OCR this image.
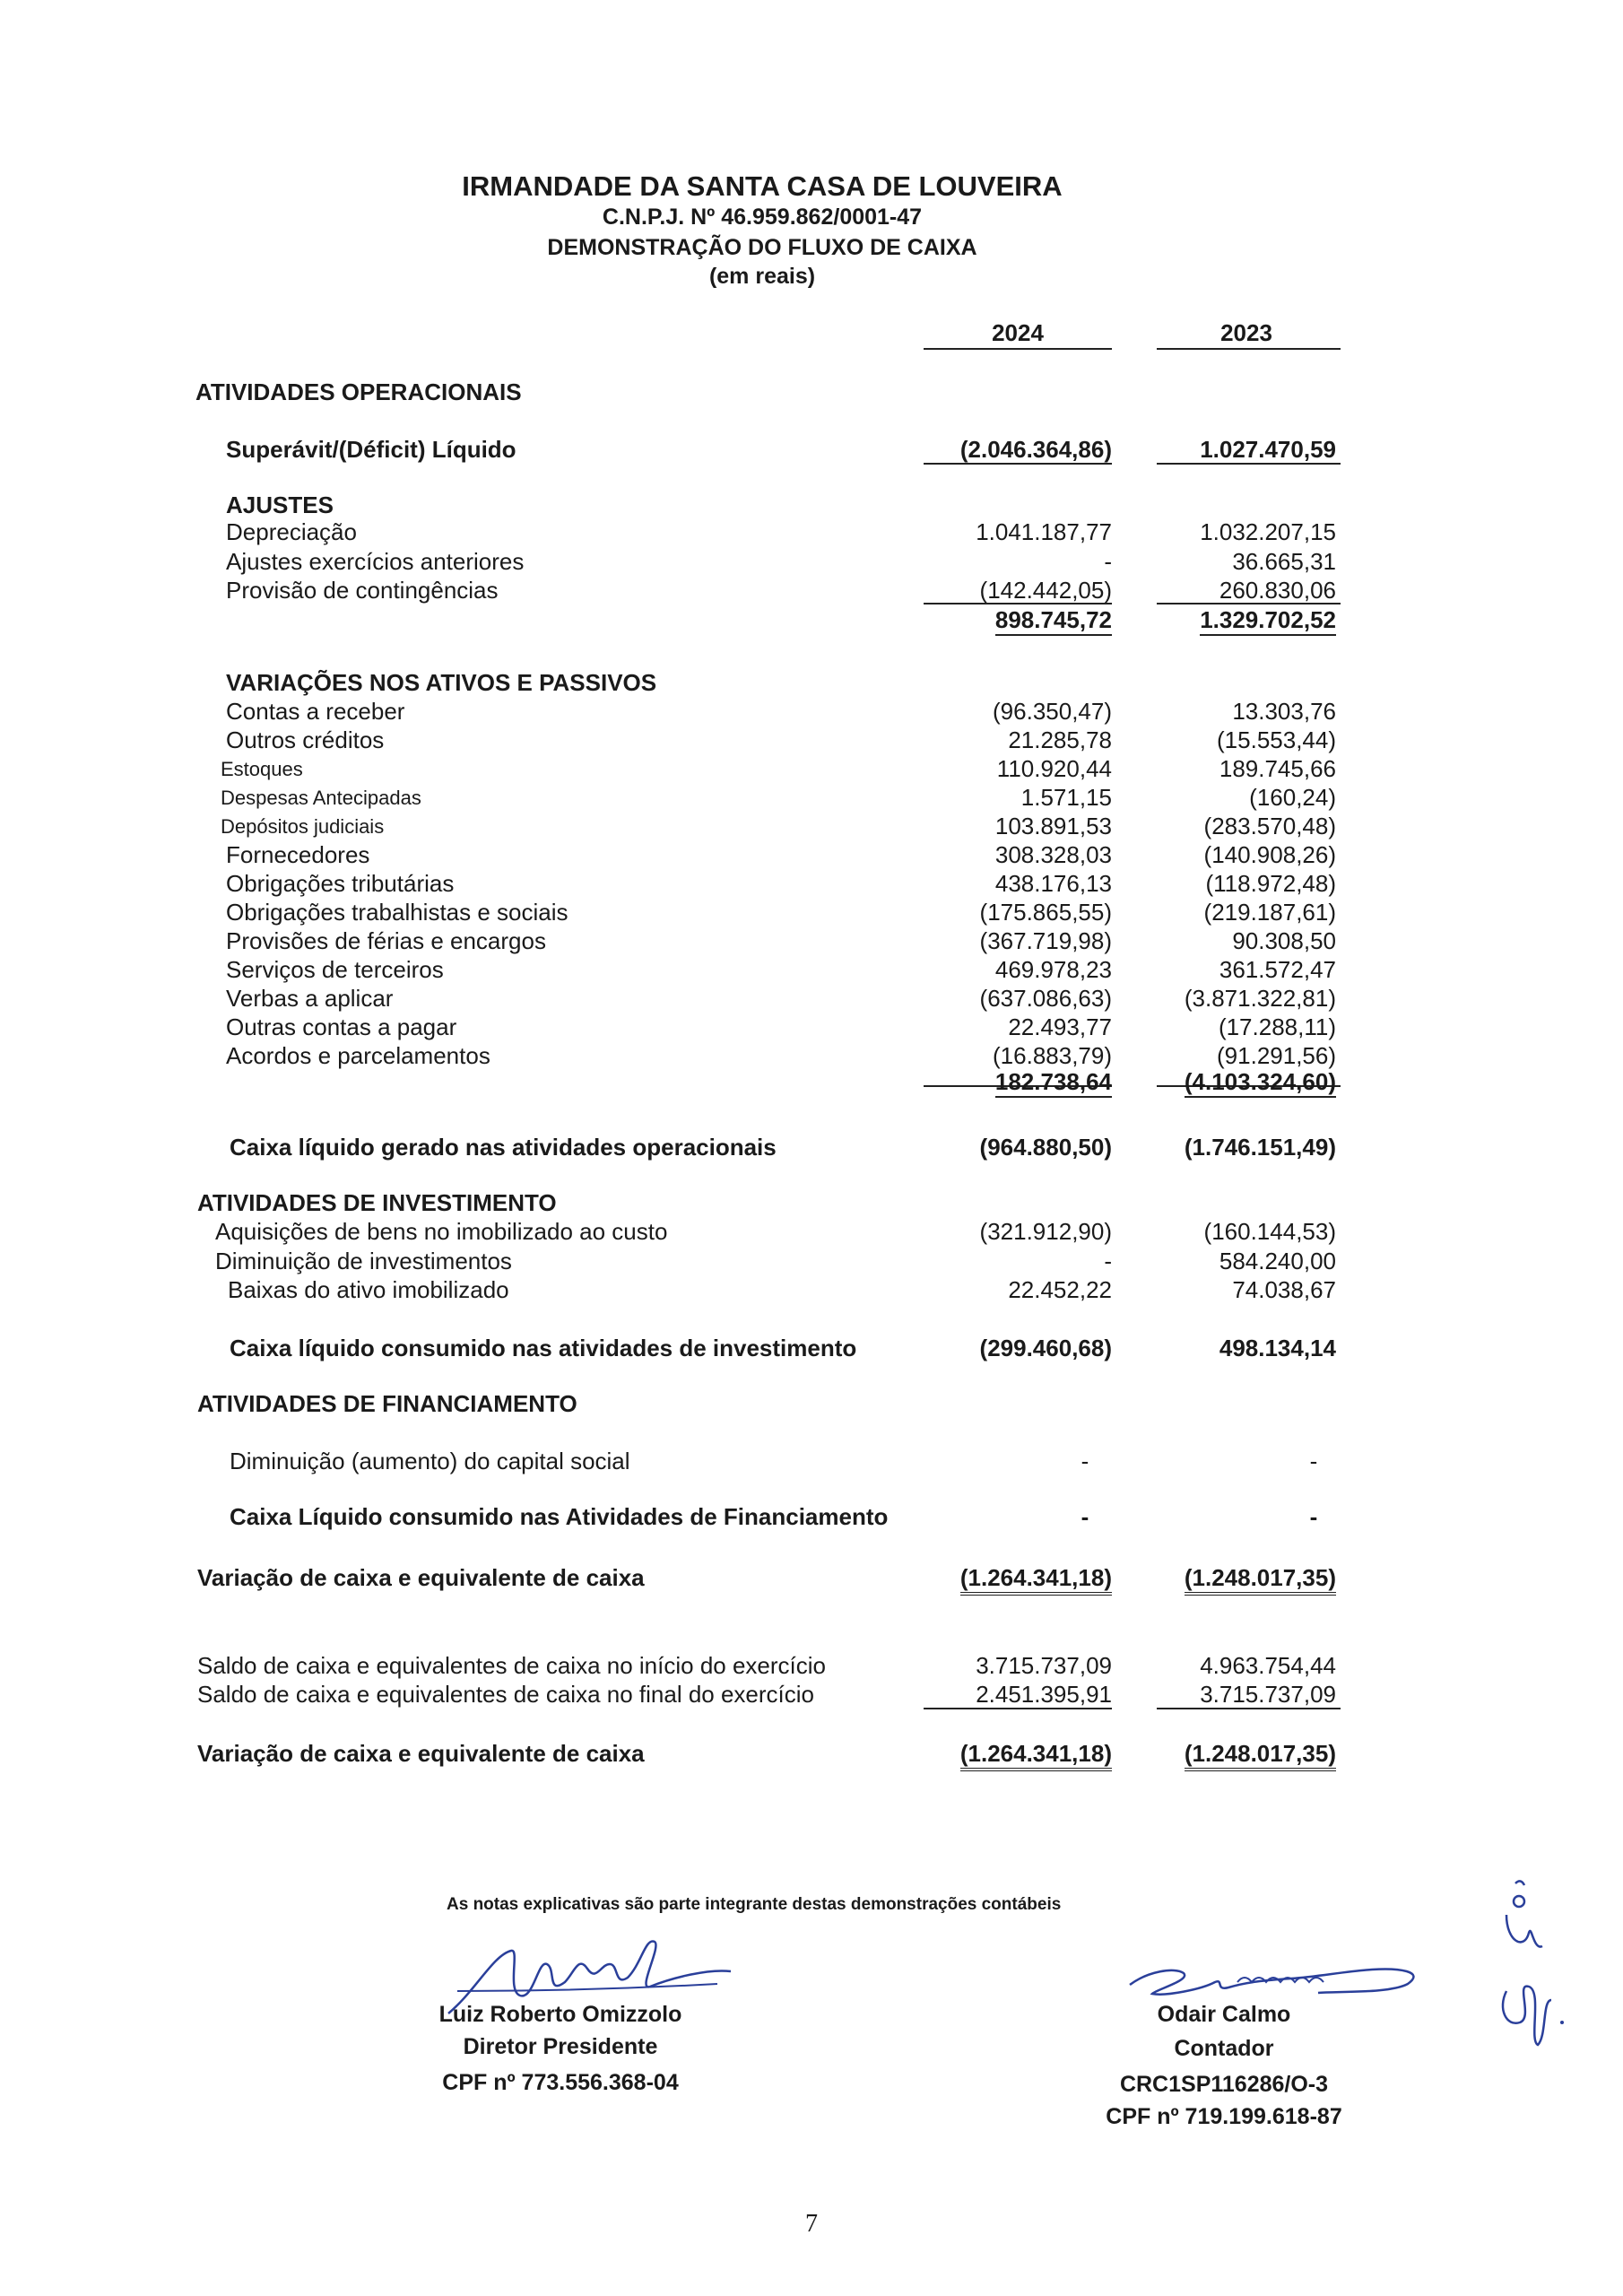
IRMANDADE DA SANTA CASA DE LOUVEIRA
C.N.P.J. Nº 46.959.862/0001-47
DEMONSTRAÇÃO DO FLUXO DE CAIXA
(em reais)
2024	2023
ATIVIDADES OPERACIONAIS
Superávit/(Déficit) Líquido	(2.046.364,86)	1.027.470,59
AJUSTES
Depreciação	1.041.187,77	1.032.207,15
Ajustes exercícios anteriores	-	36.665,31
Provisão de contingências	(142.442,05)	260.830,06
898.745,72	1.329.702,52
VARIAÇÕES NOS ATIVOS E PASSIVOS
Contas a receber	(96.350,47)	13.303,76
Outros créditos	21.285,78	(15.553,44)
Estoques	110.920,44	189.745,66
Despesas Antecipadas	1.571,15	(160,24)
Depósitos judiciais	103.891,53	(283.570,48)
Fornecedores	308.328,03	(140.908,26)
Obrigações tributárias	438.176,13	(118.972,48)
Obrigações trabalhistas e sociais	(175.865,55)	(219.187,61)
Provisões de férias e encargos	(367.719,98)	90.308,50
Serviços de terceiros	469.978,23	361.572,47
Verbas a aplicar	(637.086,63)	(3.871.322,81)
Outras contas a pagar	22.493,77	(17.288,11)
Acordos e parcelamentos	(16.883,79)	(91.291,56)
182.738,64	(4.103.324,60)
Caixa líquido gerado nas atividades operacionais	(964.880,50)	(1.746.151,49)
ATIVIDADES DE INVESTIMENTO
Aquisições de bens no imobilizado ao custo	(321.912,90)	(160.144,53)
Diminuição de investimentos	-	584.240,00
Baixas do ativo imobilizado	22.452,22	74.038,67
Caixa líquido consumido nas atividades de investimento	(299.460,68)	498.134,14
ATIVIDADES DE FINANCIAMENTO
Diminuição (aumento) do capital social	-	-
Caixa Líquido consumido nas Atividades de Financiamento	-	-
Variação de caixa e equivalente de caixa	(1.264.341,18)	(1.248.017,35)
Saldo de caixa e equivalentes de caixa no início do exercício	3.715.737,09	4.963.754,44
Saldo de caixa e equivalentes de caixa no final do exercício	2.451.395,91	3.715.737,09
Variação de caixa e equivalente de caixa	(1.264.341,18)	(1.248.017,35)
As notas explicativas são parte integrante destas demonstrações contábeis
Luiz Roberto Omizzolo
Diretor Presidente
CPF nº 773.556.368-04
Odair Calmo
Contador
CRC1SP116286/O-3
CPF nº 719.199.618-87
7
